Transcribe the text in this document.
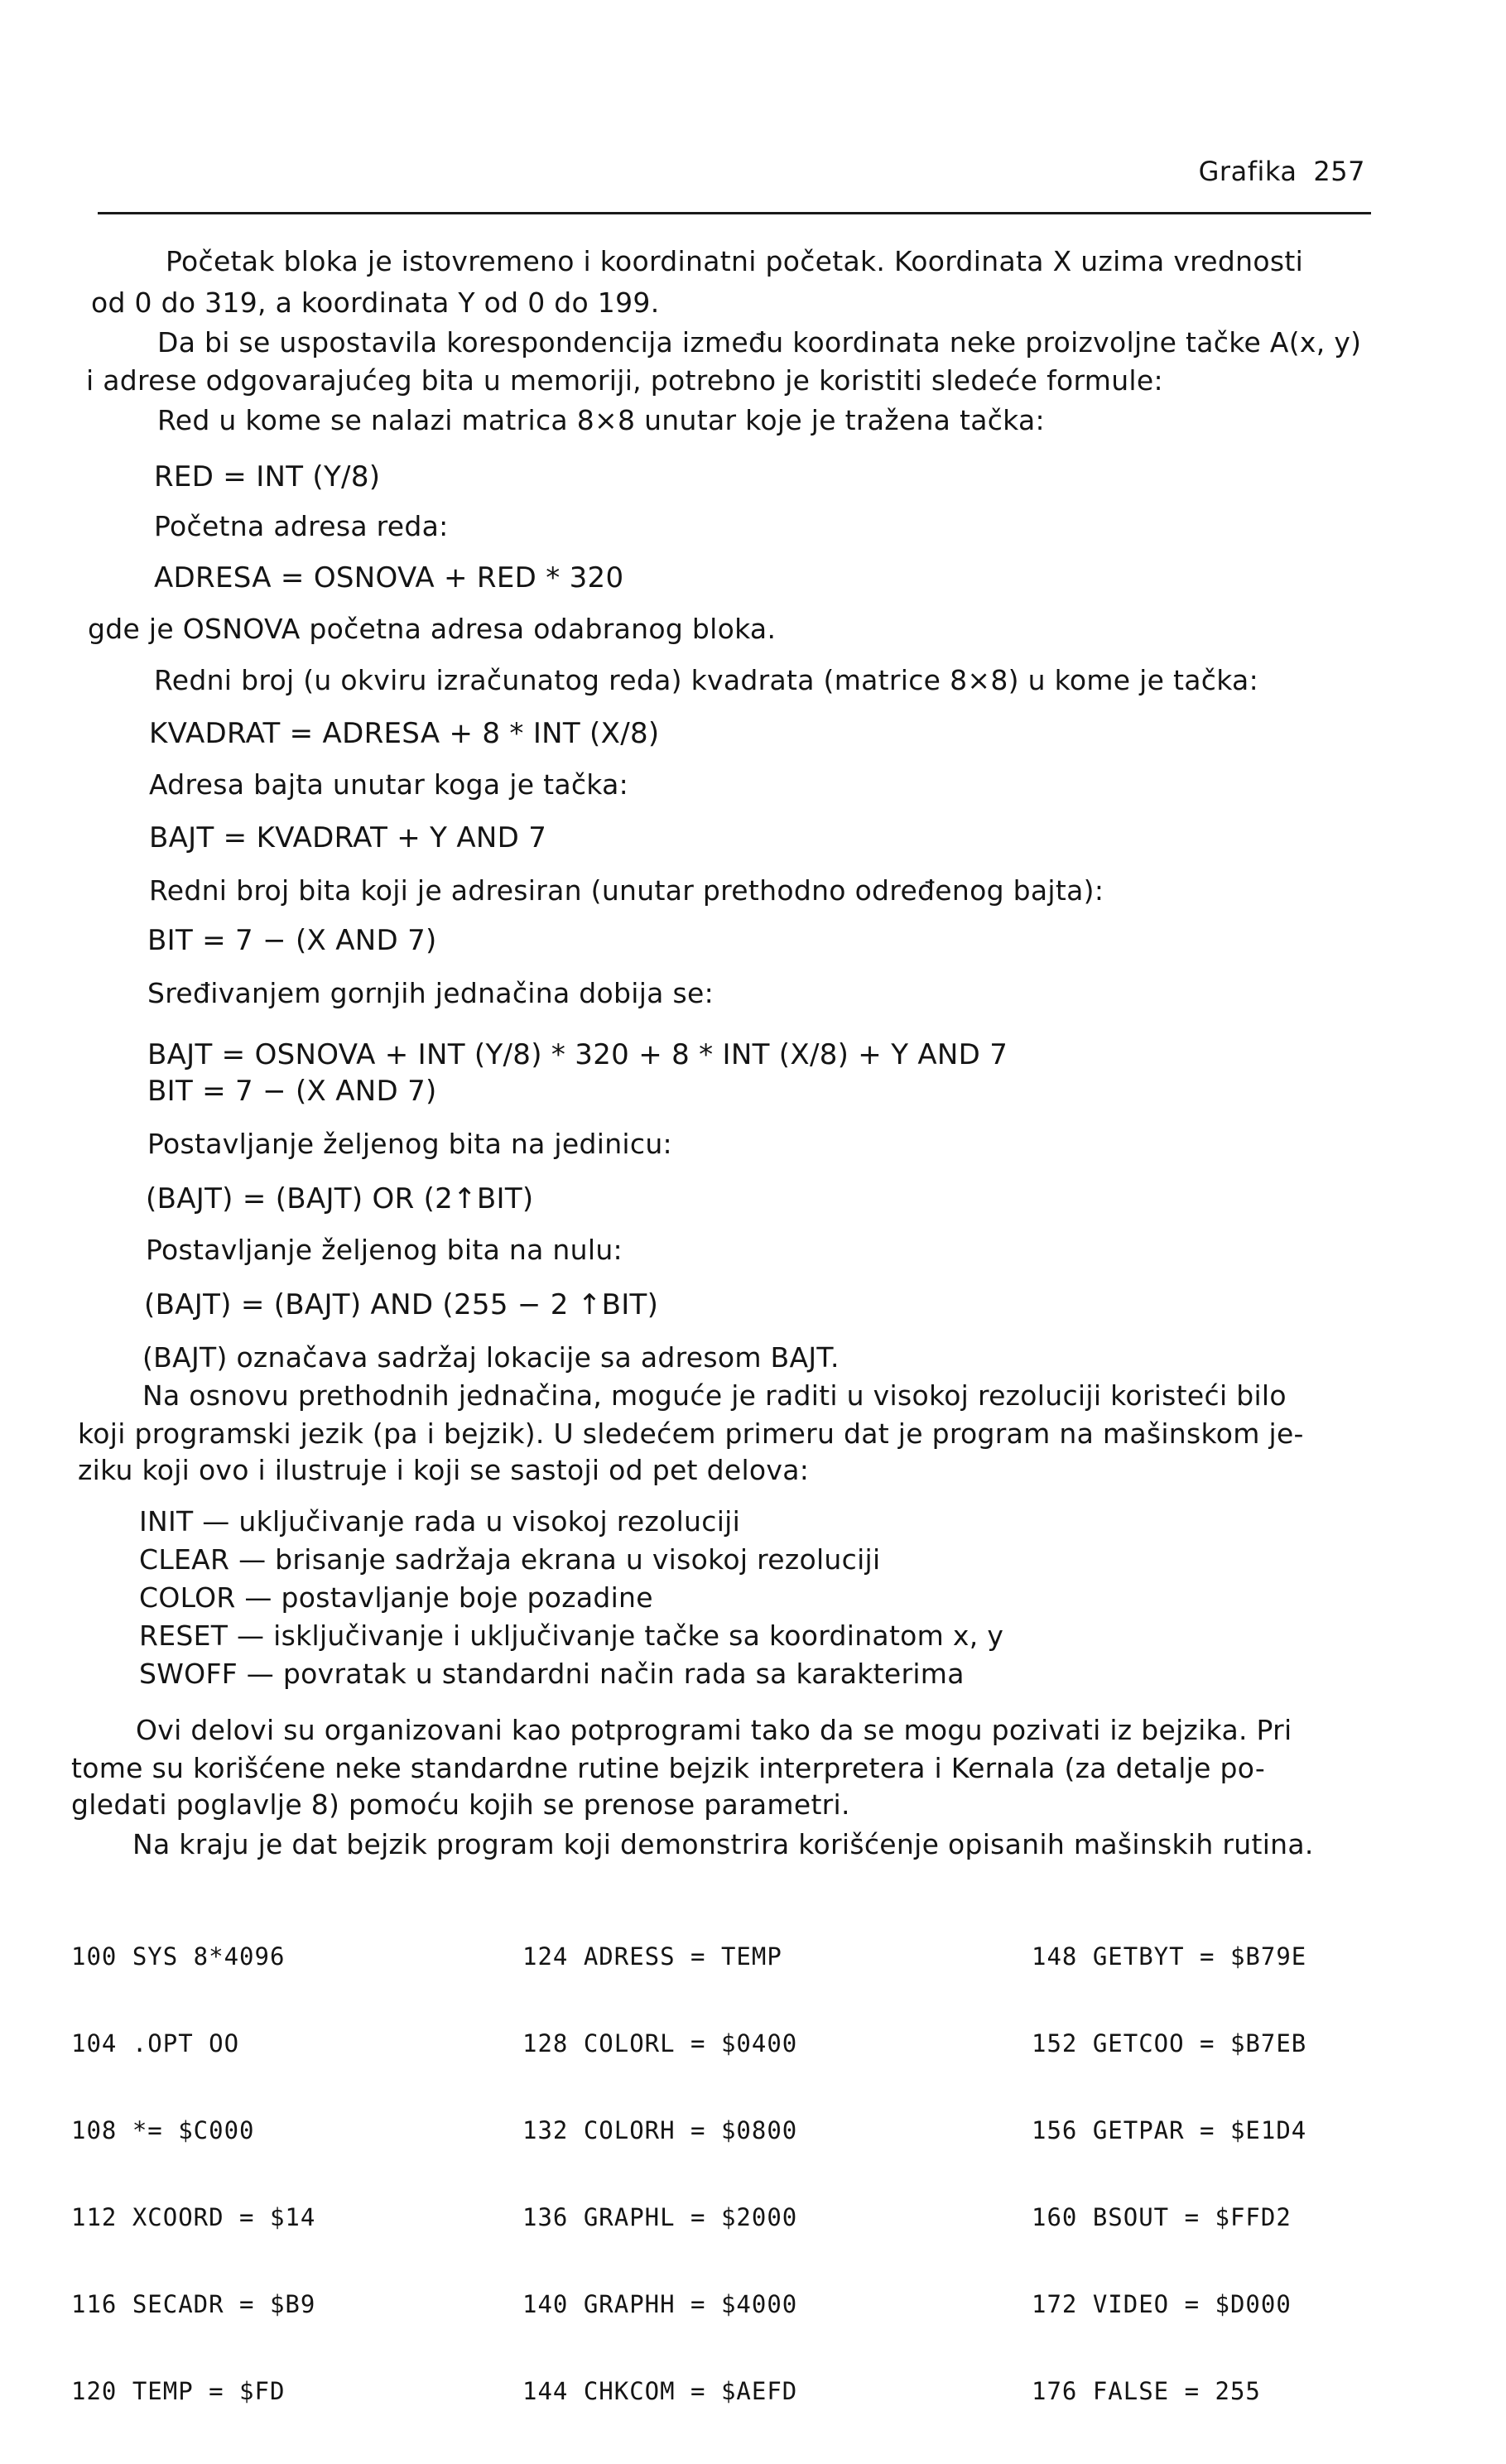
Grafika 257
Početak bloka je istovremeno i koordinatni početak. Koordinata X uzima vrednosti
od 0 do 319, a koordinata Y od 0 do 199.
Da bi se uspostavila korespondencija između koordinata neke proizvoljne tačke A(x, y)
i adrese odgovarajućeg bita u memoriji, potrebno je koristiti sledeće formule:
Red u kome se nalazi matrica 8×8 unutar koje je tražena tačka:
RED = INT (Y/8)
Početna adresa reda:
ADRESA = OSNOVA + RED * 320
gde je OSNOVA početna adresa odabranog bloka.
Redni broj (u okviru izračunatog reda) kvadrata (matrice 8×8) u kome je tačka:
KVADRAT = ADRESA + 8 * INT (X/8)
Adresa bajta unutar koga je tačka:
BAJT = KVADRAT + Y AND 7
Redni broj bita koji je adresiran (unutar prethodno određenog bajta):
BIT = 7 − (X AND 7)
Sređivanjem gornjih jednačina dobija se:
BAJT = OSNOVA + INT (Y/8) * 320 + 8 * INT (X/8) + Y AND 7
BIT = 7 − (X AND 7)
Postavljanje željenog bita na jedinicu:
(BAJT) = (BAJT) OR (2↑BIT)
Postavljanje željenog bita na nulu:
(BAJT) = (BAJT) AND (255 − 2 ↑BIT)
(BAJT) označava sadržaj lokacije sa adresom BAJT.
Na osnovu prethodnih jednačina, moguće je raditi u visokoj rezoluciji koristeći bilo
koji programski jezik (pa i bejzik). U sledećem primeru dat je program na mašinskom je-
ziku koji ovo i ilustruje i koji se sastoji od pet delova:
INIT — uključivanje rada u visokoj rezoluciji
CLEAR — brisanje sadržaja ekrana u visokoj rezoluciji
COLOR — postavljanje boje pozadine
RESET — isključivanje i uključivanje tačke sa koordinatom x, y
SWOFF — povratak u standardni način rada sa karakterima
Ovi delovi su organizovani kao potprogrami tako da se mogu pozivati iz bejzika. Pri
tome su korišćene neke standardne rutine bejzik interpretera i Kernala (za detalje po-
gledati poglavlje 8) pomoću kojih se prenose parametri.
Na kraju je dat bejzik program koji demonstrira korišćenje opisanih mašinskih rutina.

100 SYS 8*4096

104 .OPT OO

108 *= $C000

112 XCOORD = $14

116 SECADR = $B9

120 TEMP = $FD

124 ADRESS = TEMP

128 COLORL = $0400

132 COLORH = $0800

136 GRAPHL = $2000

140 GRAPHH = $4000

144 CHKCOM = $AEFD

148 GETBYT = $B79E

152 GETCOO = $B7EB

156 GETPAR = $E1D4

160 BSOUT = $FFD2

172 VIDEO = $D000

176 FALSE = 255
